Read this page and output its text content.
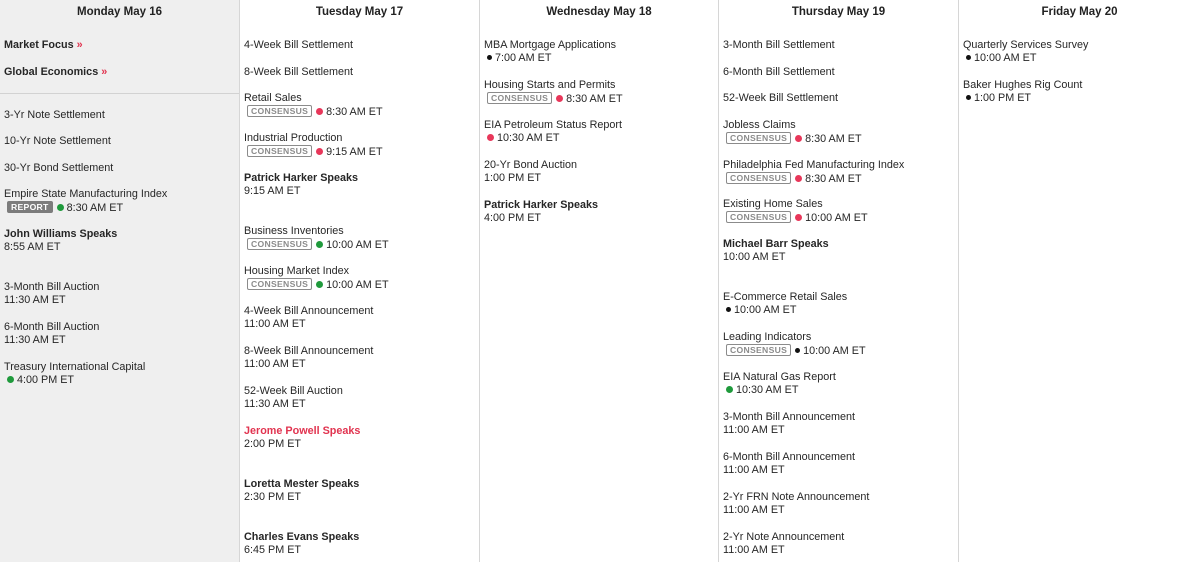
Monday May 16
Market Focus »
Global Economics »
3-Yr Note Settlement
10-Yr Note Settlement
30-Yr Bond Settlement
Empire State Manufacturing Index
REPORT 8:30 AM ET
John Williams Speaks
8:55 AM ET
3-Month Bill Auction
11:30 AM ET
6-Month Bill Auction
11:30 AM ET
Treasury International Capital
4:00 PM ET
Tuesday May 17
4-Week Bill Settlement
8-Week Bill Settlement
Retail Sales
CONSENSUS 8:30 AM ET
Industrial Production
CONSENSUS 9:15 AM ET
Patrick Harker Speaks
9:15 AM ET
Business Inventories
CONSENSUS 10:00 AM ET
Housing Market Index
CONSENSUS 10:00 AM ET
4-Week Bill Announcement
11:00 AM ET
8-Week Bill Announcement
11:00 AM ET
52-Week Bill Auction
11:30 AM ET
Jerome Powell Speaks
2:00 PM ET
Loretta Mester Speaks
2:30 PM ET
Charles Evans Speaks
6:45 PM ET
Wednesday May 18
MBA Mortgage Applications
7:00 AM ET
Housing Starts and Permits
CONSENSUS 8:30 AM ET
EIA Petroleum Status Report
10:30 AM ET
20-Yr Bond Auction
1:00 PM ET
Patrick Harker Speaks
4:00 PM ET
Thursday May 19
3-Month Bill Settlement
6-Month Bill Settlement
52-Week Bill Settlement
Jobless Claims
CONSENSUS 8:30 AM ET
Philadelphia Fed Manufacturing Index
CONSENSUS 8:30 AM ET
Existing Home Sales
CONSENSUS 10:00 AM ET
Michael Barr Speaks
10:00 AM ET
E-Commerce Retail Sales
10:00 AM ET
Leading Indicators
CONSENSUS 10:00 AM ET
EIA Natural Gas Report
10:30 AM ET
3-Month Bill Announcement
11:00 AM ET
6-Month Bill Announcement
11:00 AM ET
2-Yr FRN Note Announcement
11:00 AM ET
2-Yr Note Announcement
11:00 AM ET
Friday May 20
Quarterly Services Survey
10:00 AM ET
Baker Hughes Rig Count
1:00 PM ET
